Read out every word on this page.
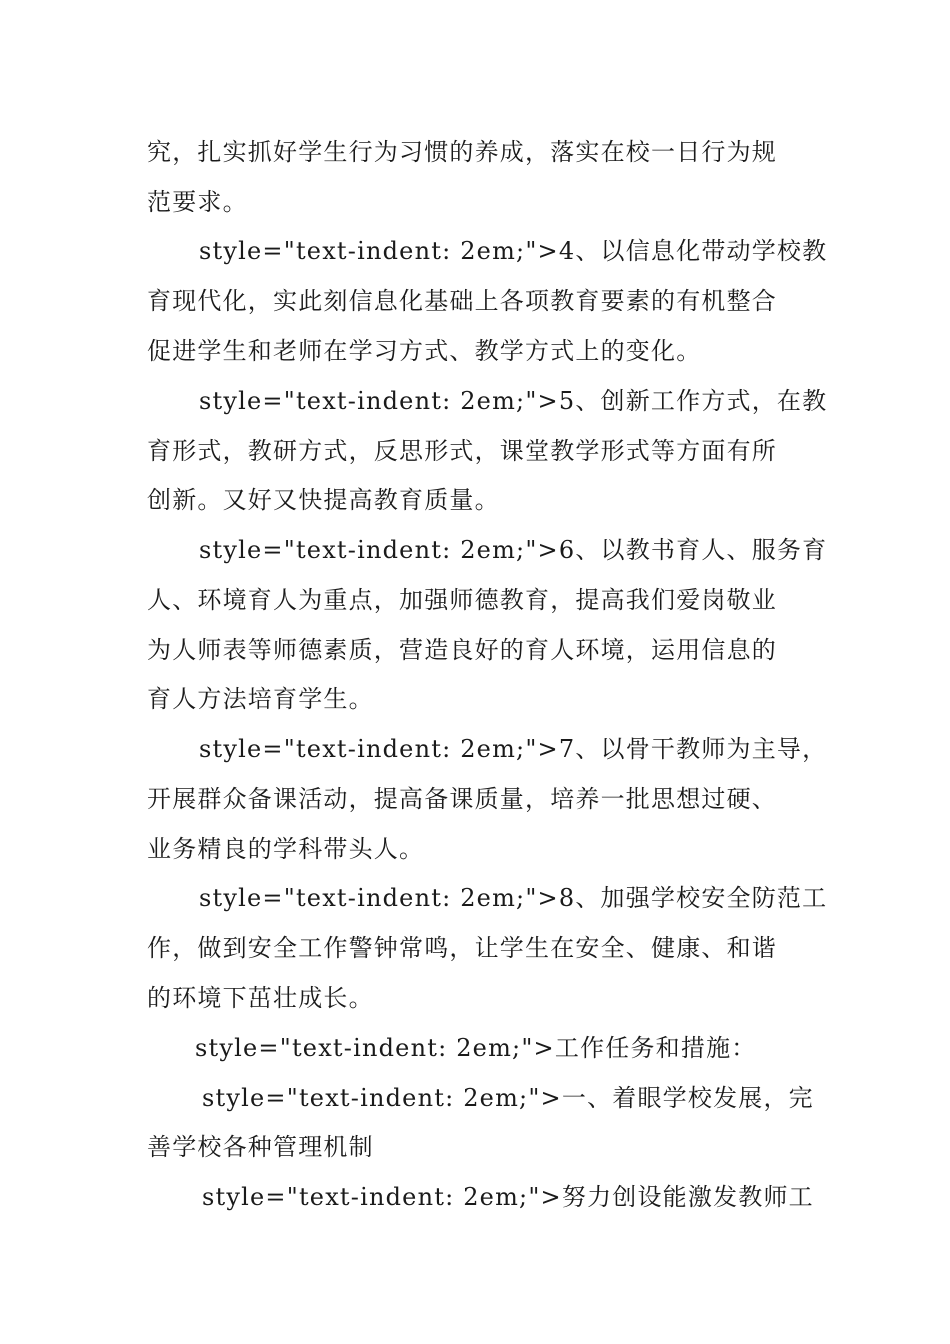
究，扎实抓好学生行为习惯的养成，落实在校一日行为规
范要求。
style="text-indent: 2em;">4、以信息化带动学校教
育现代化，实此刻信息化基础上各项教育要素的有机整合
促进学生和老师在学习方式、教学方式上的变化。
style="text-indent: 2em;">5、创新工作方式，在教
育形式，教研方式，反思形式，课堂教学形式等方面有所
创新。又好又快提高教育质量。
style="text-indent: 2em;">6、以教书育人、服务育
人、环境育人为重点，加强师德教育，提高我们爱岗敬业
为人师表等师德素质，营造良好的育人环境，运用信息的
育人方法培育学生。
style="text-indent: 2em;">7、以骨干教师为主导，
开展群众备课活动，提高备课质量，培养一批思想过硬、
业务精良的学科带头人。
style="text-indent: 2em;">8、加强学校安全防范工
作，做到安全工作警钟常鸣，让学生在安全、健康、和谐
的环境下茁壮成长。
style="text-indent: 2em;">工作任务和措施：
style="text-indent: 2em;">一、着眼学校发展，完
善学校各种管理机制
style="text-indent: 2em;">努力创设能激发教师工
